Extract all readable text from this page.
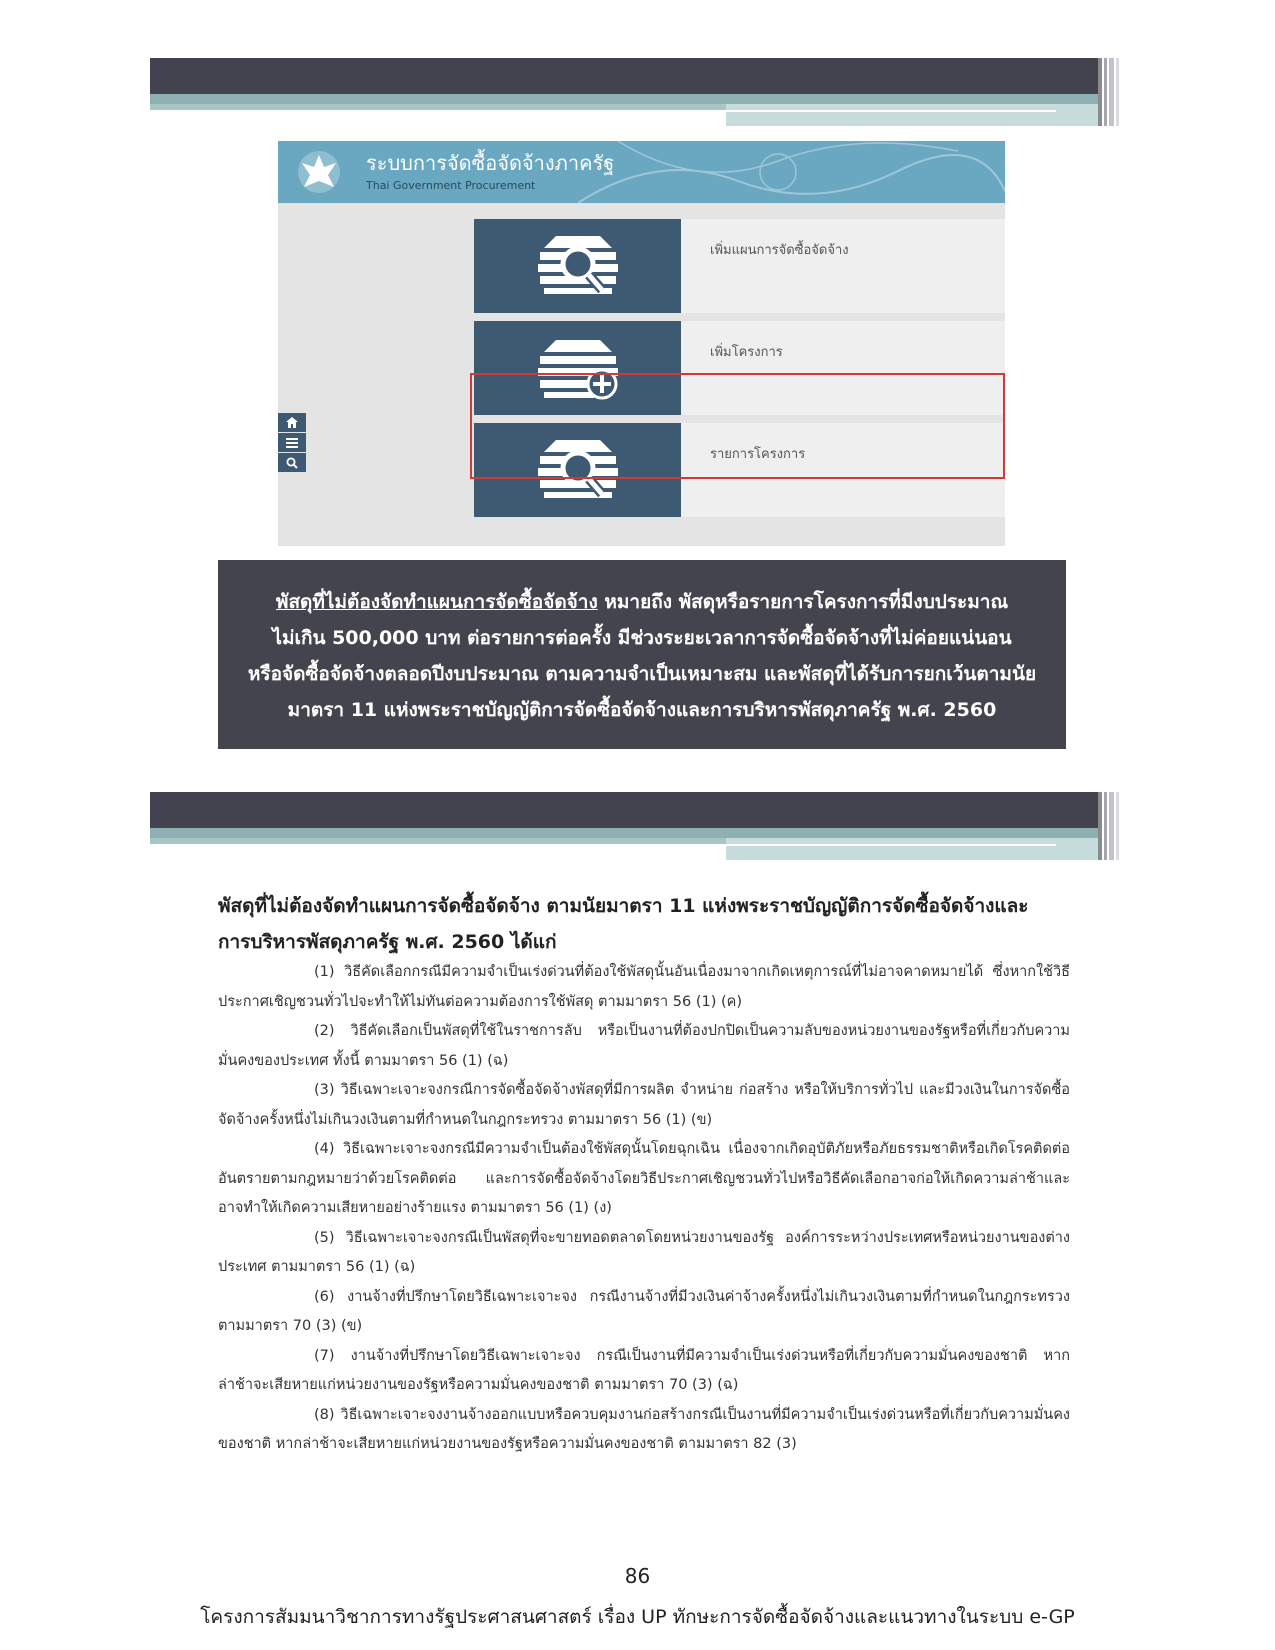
ระบบการจัดซื้อจัดจ้างภาครัฐ
Thai Government Procurement
เพิ่มแผนการจัดซื้อจัดจ้าง
เพิ่มโครงการ
รายการโครงการ

พัสดุที่ไม่ต้องจัดทำแผนการจัดซื้อจัดจ้าง หมายถึง พัสดุหรือรายการโครงการที่มีงบประมาณ

ไม่เกิน 500,000 บาท ต่อรายการต่อครั้ง มีช่วงระยะเวลาการจัดซื้อจัดจ้างที่ไม่ค่อยแน่นอน

หรือจัดซื้อจัดจ้างตลอดปีงบประมาณ ตามความจำเป็นเหมาะสม และพัสดุที่ได้รับการยกเว้นตามนัย

มาตรา 11 แห่งพระราชบัญญัติการจัดซื้อจัดจ้างและการบริหารพัสดุภาครัฐ พ.ศ. 2560

พัสดุที่ไม่ต้องจัดทำแผนการจัดซื้อจัดจ้าง ตามนัยมาตรา 11 แห่งพระราชบัญญัติการจัดซื้อจัดจ้างและ
การบริหารพัสดุภาครัฐ พ.ศ. 2560 ได้แก่

(1) วิธีคัดเลือกกรณีมีความจำเป็นเร่งด่วนที่ต้องใช้พัสดุนั้นอันเนื่องมาจากเกิดเหตุการณ์ที่ไม่อาจคาดหมายได้ ซึ่งหากใช้วิธีประกาศเชิญชวนทั่วไปจะทำให้ไม่ทันต่อความต้องการใช้พัสดุ ตามมาตรา 56 (1) (ค)

(2) วิธีคัดเลือกเป็นพัสดุที่ใช้ในราชการลับ หรือเป็นงานที่ต้องปกปิดเป็นความลับของหน่วยงานของรัฐหรือที่เกี่ยวกับความมั่นคงของประเทศ ทั้งนี้ ตามมาตรา 56 (1) (ฉ)

(3) วิธีเฉพาะเจาะจงกรณีการจัดซื้อจัดจ้างพัสดุที่มีการผลิต จำหน่าย ก่อสร้าง หรือให้บริการทั่วไป และมีวงเงินในการจัดซื้อจัดจ้างครั้งหนึ่งไม่เกินวงเงินตามที่กำหนดในกฎกระทรวง ตามมาตรา 56 (1) (ข)

(4) วิธีเฉพาะเจาะจงกรณีมีความจำเป็นต้องใช้พัสดุนั้นโดยฉุกเฉิน เนื่องจากเกิดอุบัติภัยหรือภัยธรรมชาติหรือเกิดโรคติดต่ออันตรายตามกฎหมายว่าด้วยโรคติดต่อ และการจัดซื้อจัดจ้างโดยวิธีประกาศเชิญชวนทั่วไปหรือวิธีคัดเลือกอาจก่อให้เกิดความล่าช้าและอาจทำให้เกิดความเสียหายอย่างร้ายแรง ตามมาตรา 56 (1) (ง)

(5) วิธีเฉพาะเจาะจงกรณีเป็นพัสดุที่จะขายทอดตลาดโดยหน่วยงานของรัฐ องค์การระหว่างประเทศหรือหน่วยงานของต่างประเทศ ตามมาตรา 56 (1) (ฉ)

(6) งานจ้างที่ปรึกษาโดยวิธีเฉพาะเจาะจง กรณีงานจ้างที่มีวงเงินค่าจ้างครั้งหนึ่งไม่เกินวงเงินตามที่กำหนดในกฎกระทรวง ตามมาตรา 70 (3) (ข)

(7) งานจ้างที่ปรึกษาโดยวิธีเฉพาะเจาะจง กรณีเป็นงานที่มีความจำเป็นเร่งด่วนหรือที่เกี่ยวกับความมั่นคงของชาติ หากล่าช้าจะเสียหายแก่หน่วยงานของรัฐหรือความมั่นคงของชาติ ตามมาตรา 70 (3) (ฉ)

(8) วิธีเฉพาะเจาะจงงานจ้างออกแบบหรือควบคุมงานก่อสร้างกรณีเป็นงานที่มีความจำเป็นเร่งด่วนหรือที่เกี่ยวกับความมั่นคงของชาติ หากล่าช้าจะเสียหายแก่หน่วยงานของรัฐหรือความมั่นคงของชาติ ตามมาตรา 82 (3)

86
โครงการสัมมนาวิชาการทางรัฐประศาสนศาสตร์ เรื่อง UP ทักษะการจัดซื้อจัดจ้างและแนวทางในระบบ e-GP
